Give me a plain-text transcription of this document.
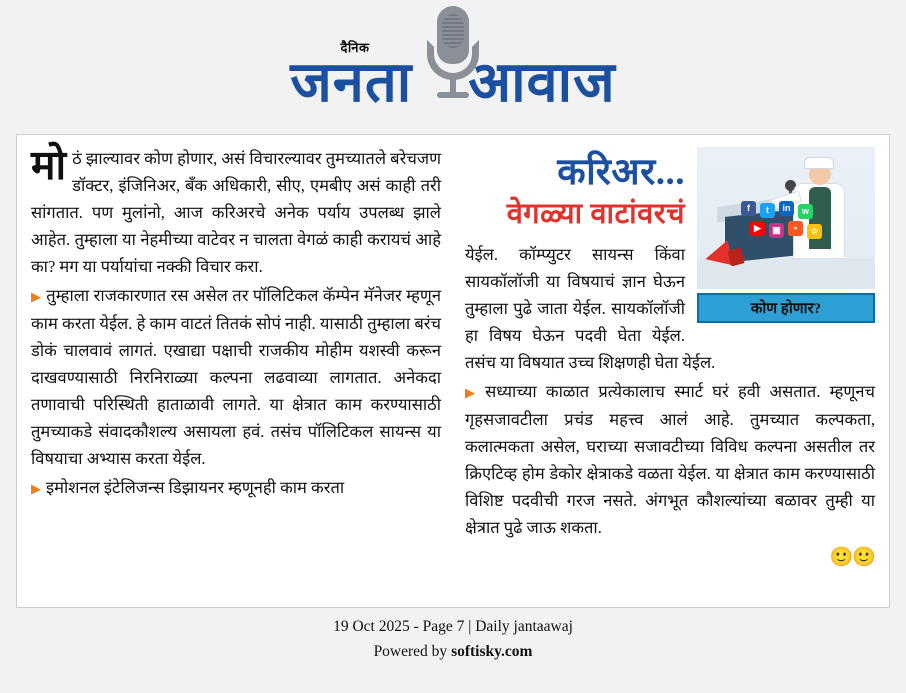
दैनिक
जनता आवाज
मो ठं झाल्यावर कोण होणार, असं विचारल्यावर तुमच्यातले बरेचजण डॉक्टर, इंजिनिअर, बँक अधिकारी, सीए, एमबीए असं काही तरी सांगतात. पण मुलांनो, आज करिअरचे अनेक पर्याय उपलब्ध झाले आहेत. तुम्हाला या नेहमीच्या वाटेवर न चालता वेगळं काही करायचं आहे का? मग या पर्यायांचा नक्की विचार करा.

▶ तुम्हाला राजकारणात रस असेल तर पॉलिटिकल कॅम्पेन मॅनेजर म्हणून काम करता येईल. हे काम वाटतं तितकं सोपं नाही. यासाठी तुम्हाला बरंच डोकं चालवावं लागतं. एखाद्या पक्षाची राजकीय मोहीम यशस्वी करून दाखवण्यासाठी निरनिराळ्या कल्पना लढवाव्या लागतात. अनेकदा तणावाची परिस्थिती हाताळावी लागते. या क्षेत्रात काम करण्यासाठी तुमच्याकडे संवादकौशल्य असायला हवं. तसंच पॉलिटिकल सायन्स या विषयाचा अभ्यास करता येईल.

▶ इमोशनल इंटेलिजन्स डिझायनर म्हणूनही काम करता

f	t	in	w
▶	▣	•	☆
कोण होणार?
करिअर...
वेगळ्या वाटांवरचं

येईल. कॉम्प्युटर सायन्स किंवा सायकॉलॉजी या विषयाचं ज्ञान घेऊन तुम्हाला पुढे जाता येईल. सायकॉलॉजी हा विषय घेऊन पदवी घेता येईल. तसंच या विषयात उच्च शिक्षणही घेता येईल.

▶ सध्याच्या काळात प्रत्येकालाच स्मार्ट घरं हवी असतात. म्हणूनच गृहसजावटीला प्रचंड महत्त्व आलं आहे. तुमच्यात कल्पकता, कलात्मकता असेल, घराच्या सजावटीच्या विविध कल्पना असतील तर क्रिएटिव्ह होम डेकोर क्षेत्राकडे वळता येईल. या क्षेत्रात काम करण्यासाठी विशिष्ट पदवीची गरज नसते. अंगभूत कौशल्यांच्या बळावर तुम्ही या क्षेत्रात पुढे जाऊ शकता.

🙂🙂
19 Oct 2025 - Page 7 | Daily jantaawaj
Powered by softisky.com
